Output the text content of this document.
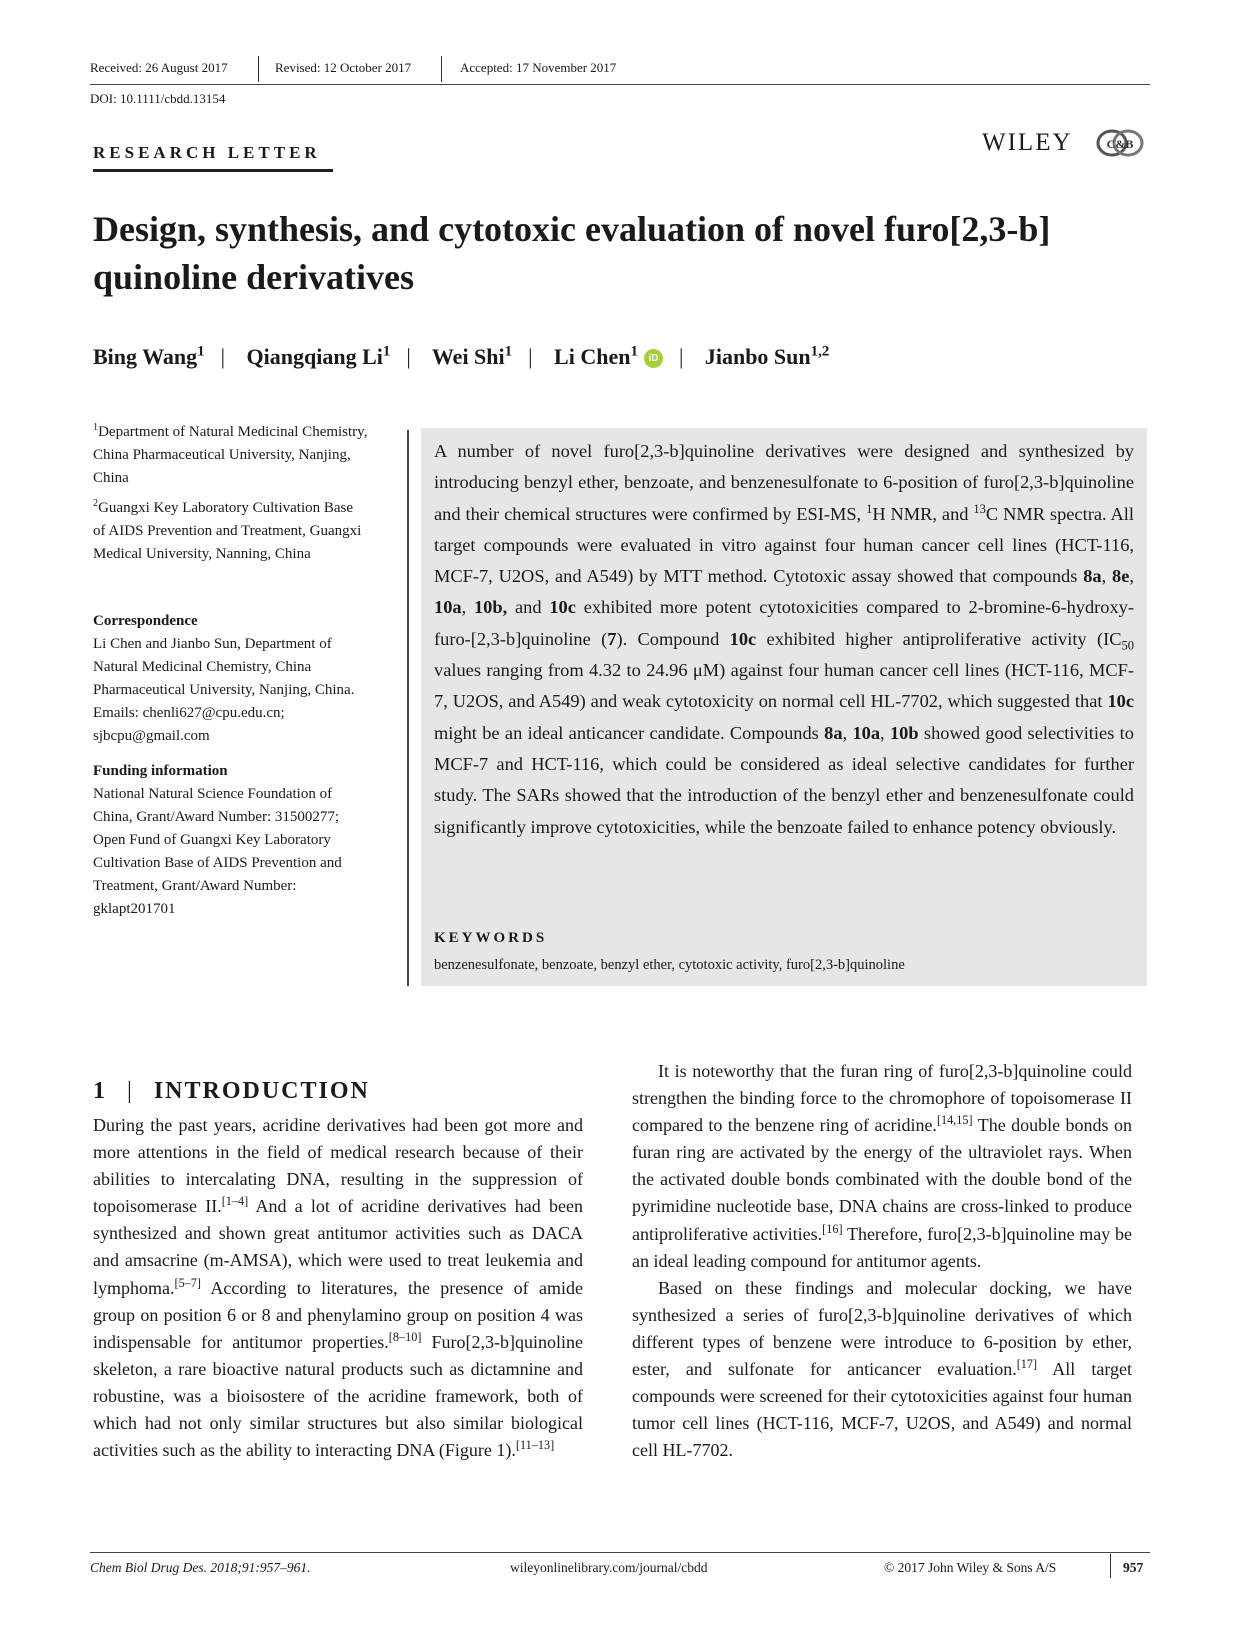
Received: 26 August 2017	Revised: 12 October 2017	Accepted: 17 November 2017
DOI: 10.1111/cbdd.13154
RESEARCH LETTER	WILEY	C&B
Design, synthesis, and cytotoxic evaluation of novel furo[2,3-b] quinoline derivatives
Bing Wang$^1$ | Qiangqiang Li$^1$ | Wei Shi$^1$ | Li Chen$^1$ iD | Jianbo Sun$^{1,2}$
$^1$Department of Natural Medicinal Chemistry, China Pharmaceutical University, Nanjing, China
$^2$Guangxi Key Laboratory Cultivation Base of AIDS Prevention and Treatment, Guangxi Medical University, Nanning, China
Correspondence
Li Chen and Jianbo Sun, Department of Natural Medicinal Chemistry, China Pharmaceutical University, Nanjing, China. Emails: chenli627@cpu.edu.cn; sjbcpu@gmail.com
Funding information
National Natural Science Foundation of China, Grant/Award Number: 31500277; Open Fund of Guangxi Key Laboratory Cultivation Base of AIDS Prevention and Treatment, Grant/Award Number: gklapt201701
A number of novel furo[2,3-b]quinoline derivatives were designed and synthesized by introducing benzyl ether, benzoate, and benzenesulfonate to 6-position of furo[2,3-b]quinoline and their chemical structures were confirmed by ESI-MS, $^1$H NMR, and $^{13}$C NMR spectra. All target compounds were evaluated in vitro against four human cancer cell lines (HCT-116, MCF-7, U2OS, and A549) by MTT method. Cytotoxic assay showed that compounds 8a, 8e, 10a, 10b, and 10c exhibited more potent cytotoxicities compared to 2-bromine-6-hydroxy-furo-[2,3-b]quinoline (7). Compound 10c exhibited higher antiproliferative activity ($IC_{50}$ values ranging from 4.32 to 24.96 μM) against four human cancer cell lines (HCT-116, MCF-7, U2OS, and A549) and weak cytotoxicity on normal cell HL-7702, which suggested that 10c might be an ideal anticancer candidate. Compounds 8a, 10a, 10b showed good selectivities to MCF-7 and HCT-116, which could be considered as ideal selective candidates for further study. The SARs showed that the introduction of the benzyl ether and benzenesulfonate could significantly improve cytotoxicities, while the benzoate failed to enhance potency obviously.
KEYWORDS
benzenesulfonate, benzoate, benzyl ether, cytotoxic activity, furo[2,3-b]quinoline
1 | INTRODUCTION

During the past years, acridine derivatives had been got more and more attentions in the field of medical research because of their abilities to intercalating DNA, resulting in the suppression of topoisomerase II.[1–4] And a lot of acridine derivatives had been synthesized and shown great antitumor activities such as DACA and amsacrine (m-AMSA), which were used to treat leukemia and lymphoma.[5–7] According to literatures, the presence of amide group on position 6 or 8 and phenylamino group on position 4 was indispensable for antitumor properties.[8–10] Furo[2,3-b]quinoline skeleton, a rare bioactive natural products such as dictamnine and robustine, was a bioisostere of the acridine framework, both of which had not only similar structures but also similar biological activities such as the ability to interacting DNA (Figure 1).[11–13]

It is noteworthy that the furan ring of furo[2,3-b]quinoline could strengthen the binding force to the chromophore of topoisomerase II compared to the benzene ring of acridine.[14,15] The double bonds on furan ring are activated by the energy of the ultraviolet rays. When the activated double bonds combinated with the double bond of the pyrimidine nucleotide base, DNA chains are cross-linked to produce antiproliferative activities.[16] Therefore, furo[2,3-b]quinoline may be an ideal leading compound for antitumor agents.

Based on these findings and molecular docking, we have synthesized a series of furo[2,3-b]quinoline derivatives of which different types of benzene were introduce to 6-position by ether, ester, and sulfonate for anticancer evaluation.[17] All target compounds were screened for their cytotoxicities against four human tumor cell lines (HCT-116, MCF-7, U2OS, and A549) and normal cell HL-7702.

Chem Biol Drug Des. 2018;91:957–961.	wileyonlinelibrary.com/journal/cbdd	© 2017 John Wiley & Sons A/S	957
